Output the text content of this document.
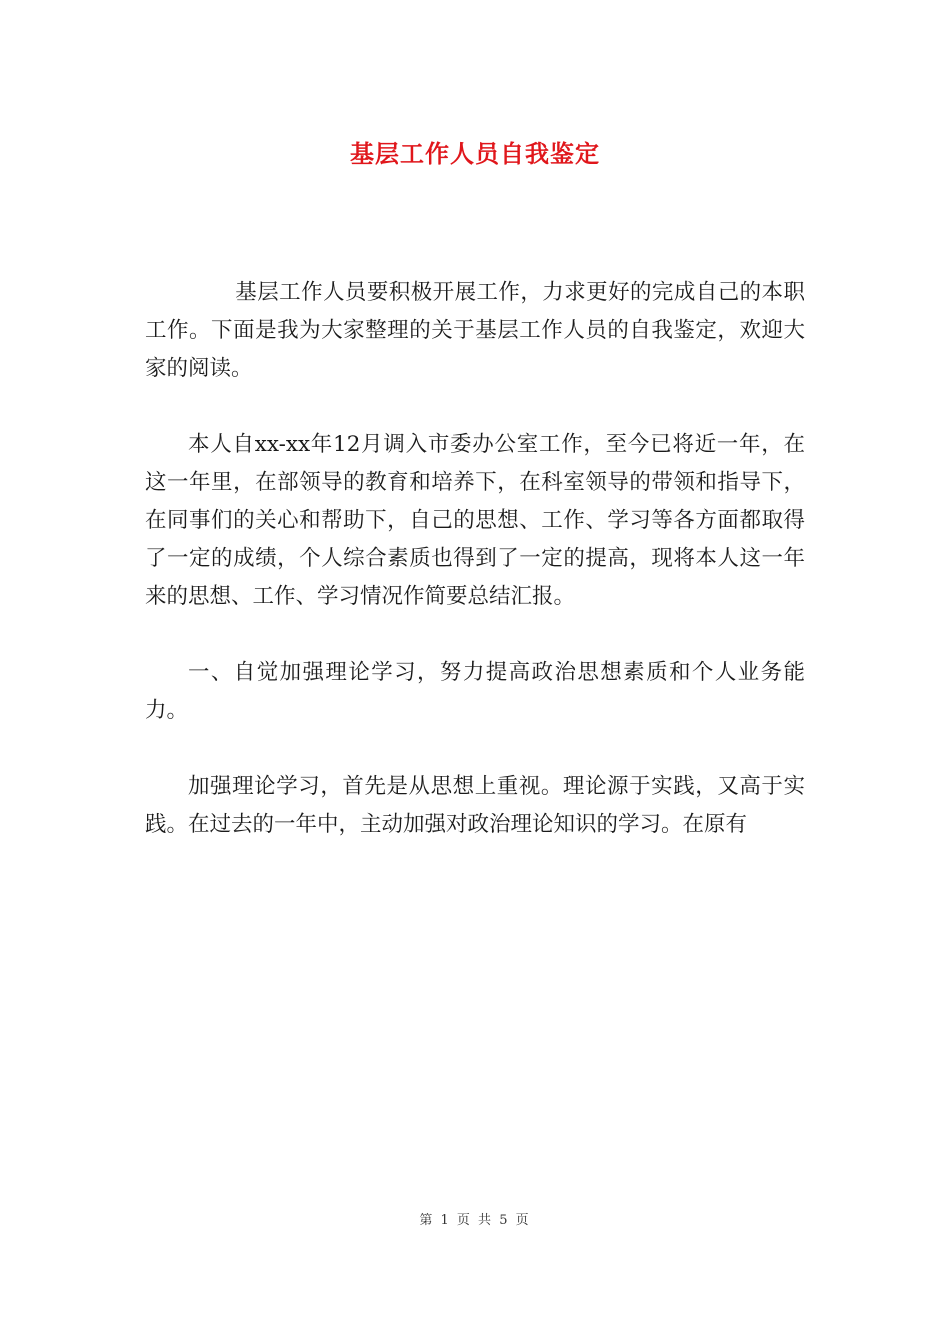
基层工作人员自我鉴定

基层工作人员要积极开展工作，力求更好的完成自己的本职工作。下面是我为大家整理的关于基层工作人员的自我鉴定，欢迎大家的阅读。

本人自xx-xx年12月调入市委办公室工作，至今已将近一年，在这一年里，在部领导的教育和培养下，在科室领导的带领和指导下，在同事们的关心和帮助下，自己的思想、工作、学习等各方面都取得了一定的成绩，个人综合素质也得到了一定的提高，现将本人这一年来的思想、工作、学习情况作简要总结汇报。

一、自觉加强理论学习，努力提高政治思想素质和个人业务能力。

加强理论学习，首先是从思想上重视。理论源于实践，又高于实践。在过去的一年中，主动加强对政治理论知识的学习。在原有

第 1 页 共 5 页
